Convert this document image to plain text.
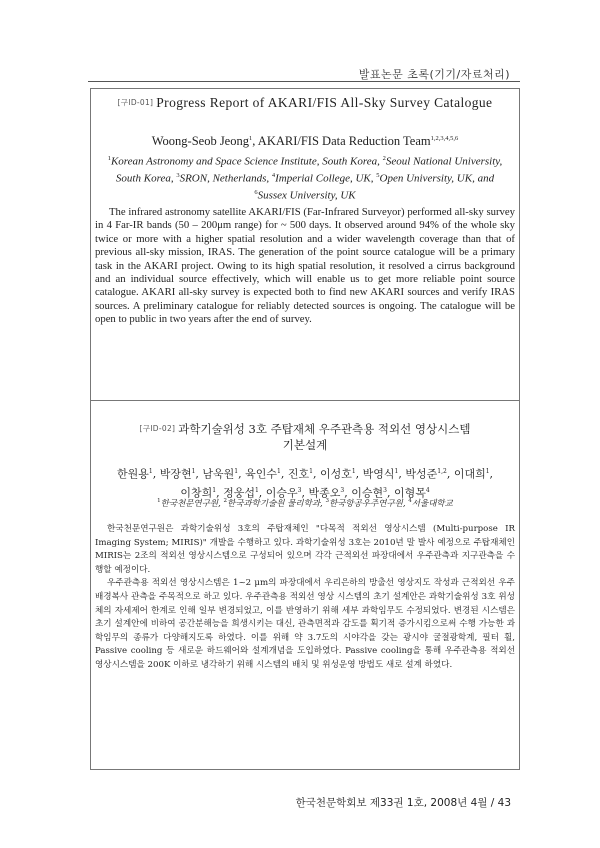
발표논문 초록(기기/자료처리)
[구ID-01] Progress Report of AKARI/FIS All-Sky Survey Catalogue
Woong-Seob Jeong$^1$, AKARI/FIS Data Reduction Team$^{1,2,3,4,5,6}$
$^1$Korean Astronomy and Space Science Institute, South Korea, $^2$Seoul National University, South Korea, $^3$SRON, Netherlands, $^4$Imperial College, UK, $^5$Open University, UK, and $^6$Sussex University, UK

The infrared astronomy satellite AKARI/FIS (Far-Infrared Surveyor) performed all-sky survey in 4 Far-IR bands (50 – 200μm range) for ~ 500 days. It observed around 94% of the whole sky twice or more with a higher spatial resolution and a wider wavelength coverage than that of previous all-sky mission, IRAS. The generation of the point source catalogue will be a primary task in the AKARI project. Owing to its high spatial resolution, it resolved a cirrus background and an individual source effectively, which will enable us to get more reliable point source catalogue. AKARI all-sky survey is expected both to find new AKARI sources and verify IRAS sources. A preliminary catalogue for reliably detected sources is ongoing. The catalogue will be open to public in two years after the end of survey.

[구ID-02] 과학기술위성 3호 주탑재체 우주관측용 적외선 영상시스템
기본설계
한원용$^1$, 박장현$^1$, 남욱원$^1$, 육인수$^1$, 진호$^1$, 이성호$^1$, 박영식$^1$, 박성준$^{1,2}$, 이대희$^1$,
이창희$^1$, 정웅섭$^1$, 이승우$^3$, 박종오$^3$, 이승현$^3$, 이형목$^4$
$^1$한국천문연구원, $^2$한국과학기술원 물리학과, $^3$한국항공우주연구원, $^4$서울대학교

한국천문연구원은 과학기술위성 3호의 주탑재체인 "다목적 적외선 영상시스템 (Multi-purpose IR Imaging System; MIRIS)" 개발을 수행하고 있다. 과학기술위성 3호는 2010년 말 발사 예정으로 주탑재체인 MIRIS는 2조의 적외선 영상시스템으로 구성되어 있으며 각각 근적외선 파장대에서 우주관측과 지구관측을 수행할 예정이다.

우주관측용 적외선 영상시스템은 1~2 μm의 파장대에서 우리은하의 방출선 영상지도 작성과 근적외선 우주배경복사 관측을 주목적으로 하고 있다. 우주관측용 적외선 영상 시스템의 초기 설계안은 과학기술위성 3호 위성체의 자세제어 한계로 인해 일부 변경되었고, 이를 반영하기 위해 세부 과학임무도 수정되었다. 변경된 시스템은 초기 설계안에 비하여 공간분해능을 희생시키는 대신, 관측면적과 감도를 획기적 증가시킴으로써 수행 가능한 과학임무의 종류가 다양해지도록 하였다. 이를 위해 약 3.7도의 시야각을 갖는 광시야 굴절광학계, 필터 휠, Passive cooling 등 새로운 하드웨어와 설계개념을 도입하였다. Passive cooling을 통해 우주관측용 적외선 영상시스템을 200K 이하로 냉각하기 위해 시스템의 배치 및 위성운영 방법도 새로 설계 하였다.

한국천문학회보 제33권 1호, 2008년 4월 / 43
